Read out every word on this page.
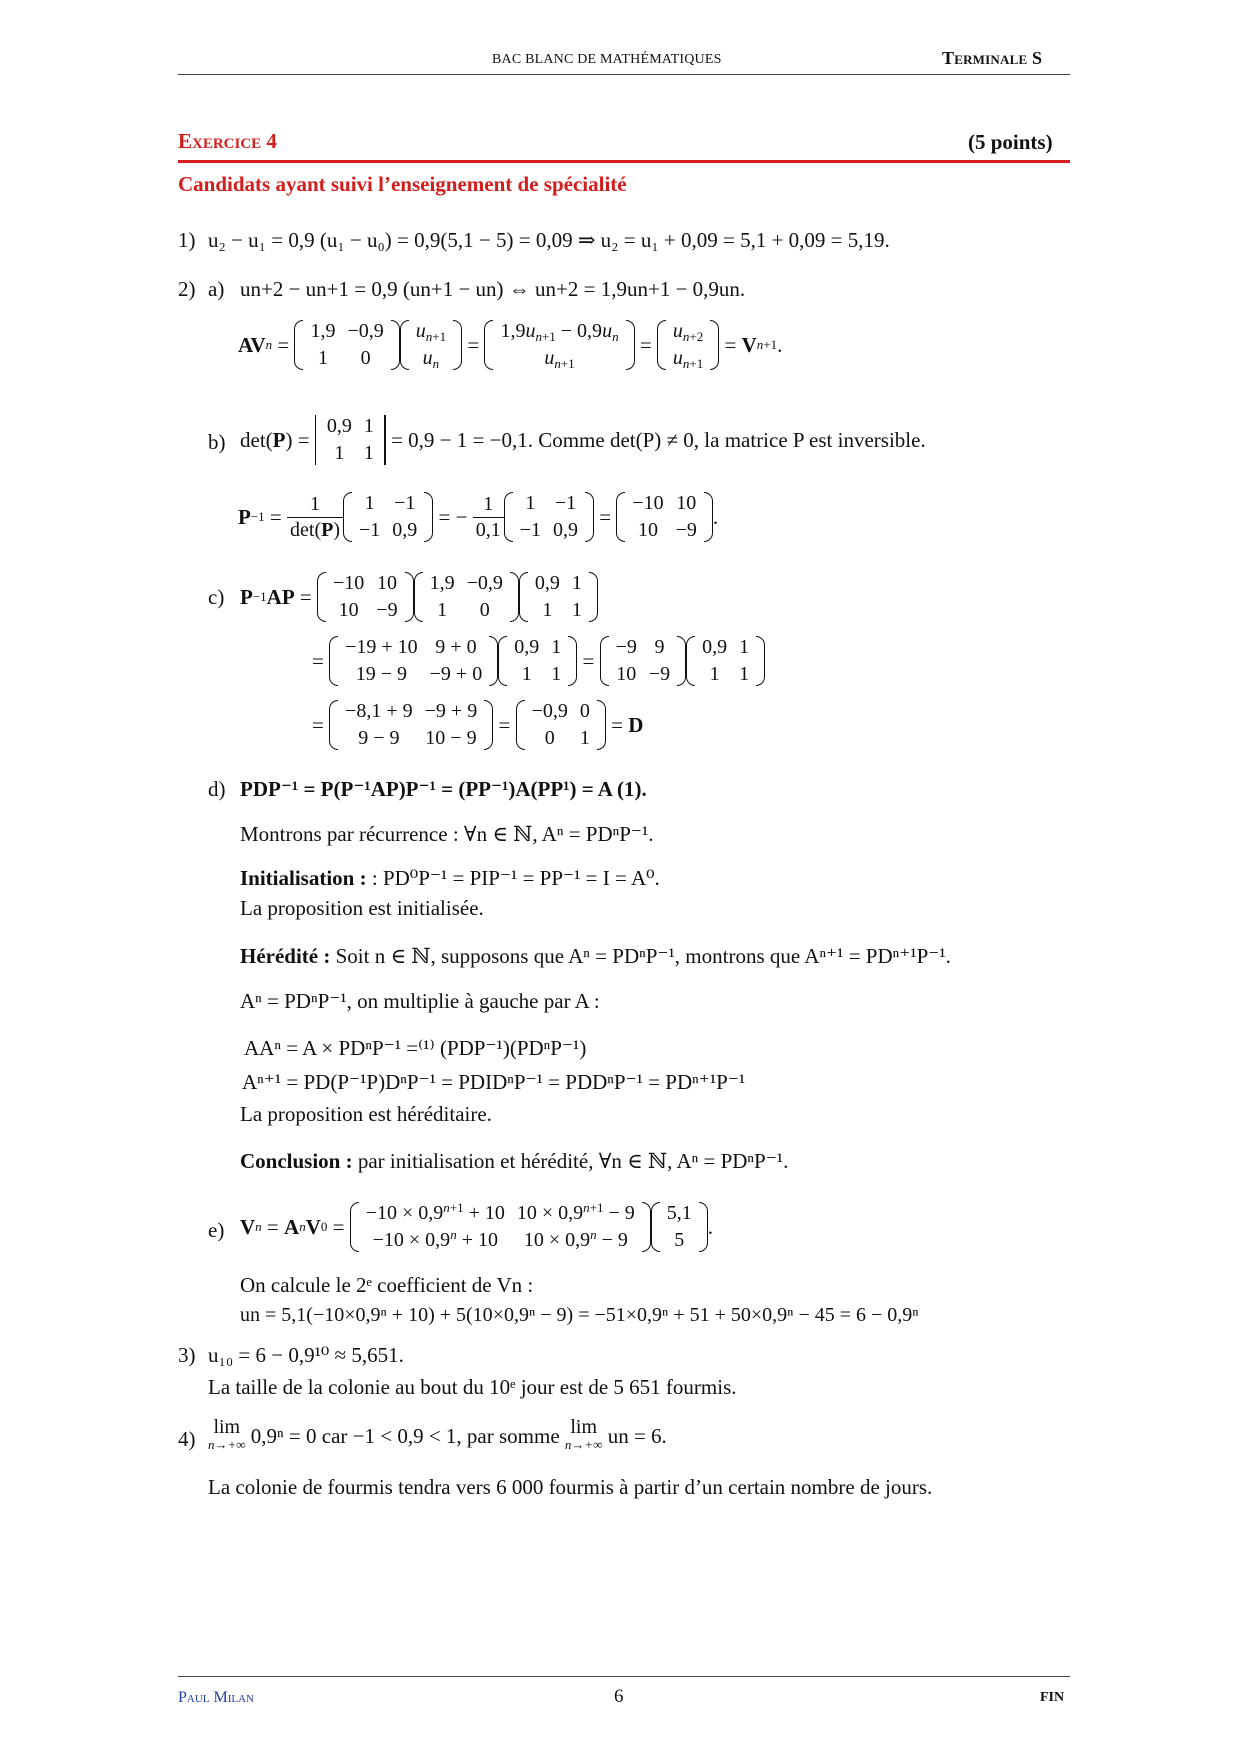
BAC BLANC DE MATHÉMATIQUES	Terminale S
Exercice 4	(5 points)
Candidats ayant suivi l’enseignement de spécialité
1) u₂ − u₁ = 0,9 (u₁ − u₀) = 0,9(5,1 − 5) = 0,09 ⇒ u₂ = u₁ + 0,09 = 5,1 + 0,09 = 5,19.
2) a) un+2 − un+1 = 0,9 (un+1 − un) ⇔ un+2 = 1,9un+1 − 0,9un.
AV n =
1,9	−0,9
1	0
$u_{n+1}$
$u_n$
=
$1,9u_{n+1} - 0,9u_n$
$u_{n+1}$
=
$u_{n+2}$
$u_{n+1}$
= V n+1 .
b) det( P ) =
0,9	1
1	1

= 0,9 − 1 = −0,1. Comme det(P) ≠ 0, la matrice P est inversible.
$P -1 = \frac{1}{\det(P)} 1$	−1
−1	0,9
= − $\frac{1}{0,1} 1$	−1
−1	0,9
=
−10	10
10	−9
.
c) P −1 AP =
−10	10
10	−9
1,9	−0,9
1	0
0,9	1
1	1
=
−19 + 10	9 + 0
19 − 9	−9 + 0
0,9	1
1	1
=
−9	9
10	−9
0,9	1
1	1
=
−8,1 + 9	−9 + 9
9 − 9	10 − 9
=
−0,9	0
0	1
= D
d) PDP⁻¹ = P(P⁻¹AP)P⁻¹ = (PP⁻¹)A(PP¹) = A (1).
Montrons par récurrence : ∀n ∈ ℕ, Aⁿ = PDⁿP⁻¹.
Initialisation : : PD⁰P⁻¹ = PIP⁻¹ = PP⁻¹ = I = A⁰.
La proposition est initialisée.
Hérédité : Soit n ∈ ℕ, supposons que Aⁿ = PDⁿP⁻¹, montrons que Aⁿ⁺¹ = PDⁿ⁺¹P⁻¹.
Aⁿ = PDⁿP⁻¹, on multiplie à gauche par A :
AAⁿ = A × PDⁿP⁻¹ =⁽¹⁾ (PDP⁻¹)(PDⁿP⁻¹)
Aⁿ⁺¹ = PD(P⁻¹P)DⁿP⁻¹ = PDIDⁿP⁻¹ = PDDⁿP⁻¹ = PDⁿ⁺¹P⁻¹
La proposition est héréditaire.
Conclusion : par initialisation et hérédité, ∀n ∈ ℕ, Aⁿ = PDⁿP⁻¹.
e) V n = A n V 0 =
$-10 \times 0,9^{n+1} + 10$	$10 \times 0,9^{n+1} - 9$
$-10 \times 0,9^n + 10$	$10 \times 0,9^n - 9$
5,1
5
.
On calcule le 2ᵉ coefficient de Vn :
un = 5,1(−10×0,9ⁿ + 10) + 5(10×0,9ⁿ − 9) = −51×0,9ⁿ + 51 + 50×0,9ⁿ − 45 = 6 − 0,9ⁿ
3) u₁₀ = 6 − 0,9¹⁰ ≈ 5,651.
La taille de la colonie au bout du 10ᵉ jour est de 5 651 fourmis.
4) lim
n→+∞
0,9ⁿ = 0 car −1 < 0,9 < 1, par somme
lim
n→+∞
un = 6.
La colonie de fourmis tendra vers 6 000 fourmis à partir d’un certain nombre de jours.
Paul Milan	6	FIN
